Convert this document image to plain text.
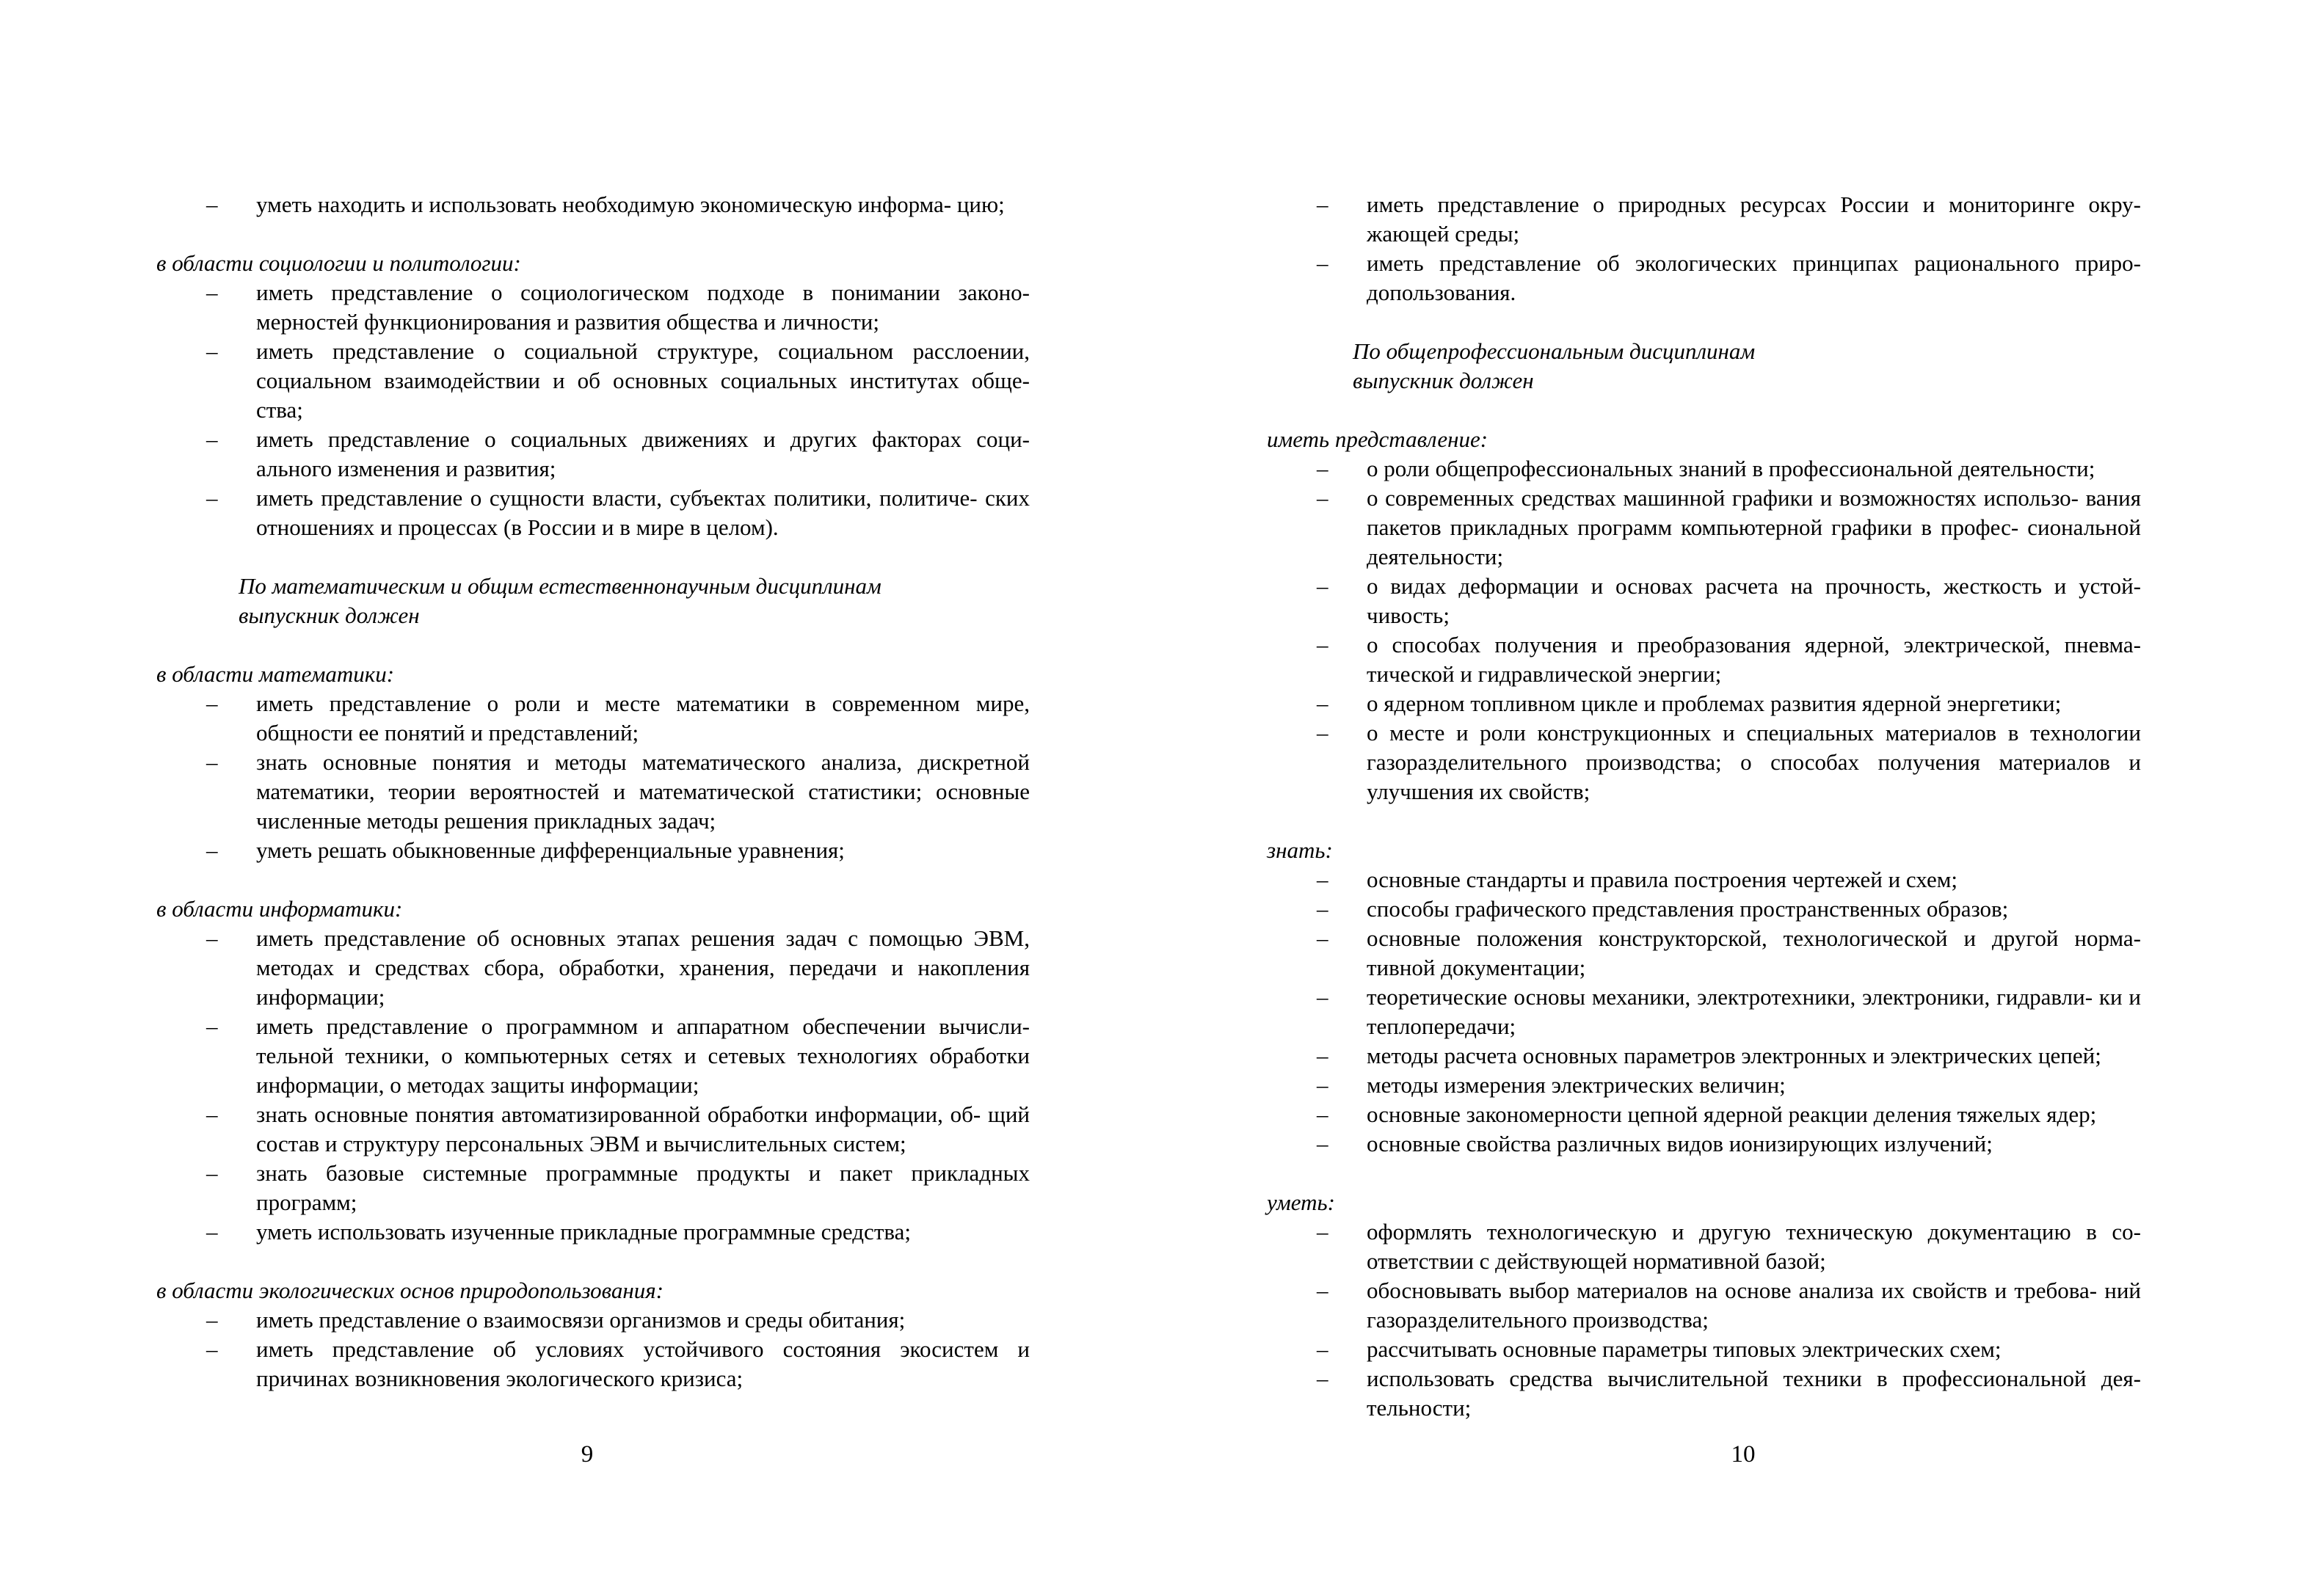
–	уметь находить и использовать необходимую экономическую информа- цию;
в области социологии и политологии:
–	иметь представление о социологическом подходе в понимании законо- мерностей функционирования и развития общества и личности;
–	иметь представление о социальной структуре, социальном расслоении, социальном взаимодействии и об основных социальных институтах обще- ства;
–	иметь представление о социальных движениях и других факторах соци- ального изменения и развития;
–	иметь представление о сущности власти, субъектах политики, политиче- ских отношениях и процессах (в России и в мире в целом).
По математическим и общим естественнонаучным дисциплинам
выпускник должен
в области математики:
–	иметь представление о роли и месте математики в современном мире, общности ее понятий и представлений;
–	знать основные понятия и методы математического анализа, дискретной математики, теории вероятностей и математической статистики; основные численные методы решения прикладных задач;
–	уметь решать обыкновенные дифференциальные уравнения;
в области информатики:
–	иметь представление об основных этапах решения задач с помощью ЭВМ, методах и средствах сбора, обработки, хранения, передачи и накопления информации;
–	иметь представление о программном и аппаратном обеспечении вычисли- тельной техники, о компьютерных сетях и сетевых технологиях обработки информации, о методах защиты информации;
–	знать основные понятия автоматизированной обработки информации, об- щий состав и структуру персональных ЭВМ и вычислительных систем;
–	знать базовые системные программные продукты и пакет прикладных программ;
–	уметь использовать изученные прикладные программные средства;
в области экологических основ природопользования:
–	иметь представление о взаимосвязи организмов и среды обитания;
–	иметь представление об условиях устойчивого состояния экосистем и причинах возникновения экологического кризиса;
9
–	иметь представление о природных ресурсах России и мониторинге окру- жающей среды;
–	иметь представление об экологических принципах рационального приро- допользования.
По общепрофессиональным дисциплинам
выпускник должен
иметь представление:
–	о роли общепрофессиональных знаний в профессиональной деятельности;
–	о современных средствах машинной графики и возможностях использо- вания пакетов прикладных программ компьютерной графики в профес- сиональной деятельности;
–	о видах деформации и основах расчета на прочность, жесткость и устой- чивость;
–	о способах получения и преобразования ядерной, электрической, пневма- тической и гидравлической энергии;
–	о ядерном топливном цикле и проблемах развития ядерной энергетики;
–	о месте и роли конструкционных и специальных материалов в технологии газоразделительного производства; о способах получения материалов и улучшения их свойств;
знать:
–	основные стандарты и правила построения чертежей и схем;
–	способы графического представления пространственных образов;
–	основные положения конструкторской, технологической и другой норма- тивной документации;
–	теоретические основы механики, электротехники, электроники, гидравли- ки и теплопередачи;
–	методы расчета основных параметров электронных и электрических цепей;
–	методы измерения электрических величин;
–	основные закономерности цепной ядерной реакции деления тяжелых ядер;
–	основные свойства различных видов ионизирующих излучений;
уметь:
–	оформлять технологическую и другую техническую документацию в со- ответствии с действующей нормативной базой;
–	обосновывать выбор материалов на основе анализа их свойств и требова- ний газоразделительного производства;
–	рассчитывать основные параметры типовых электрических схем;
–	использовать средства вычислительной техники в профессиональной дея- тельности;
10
